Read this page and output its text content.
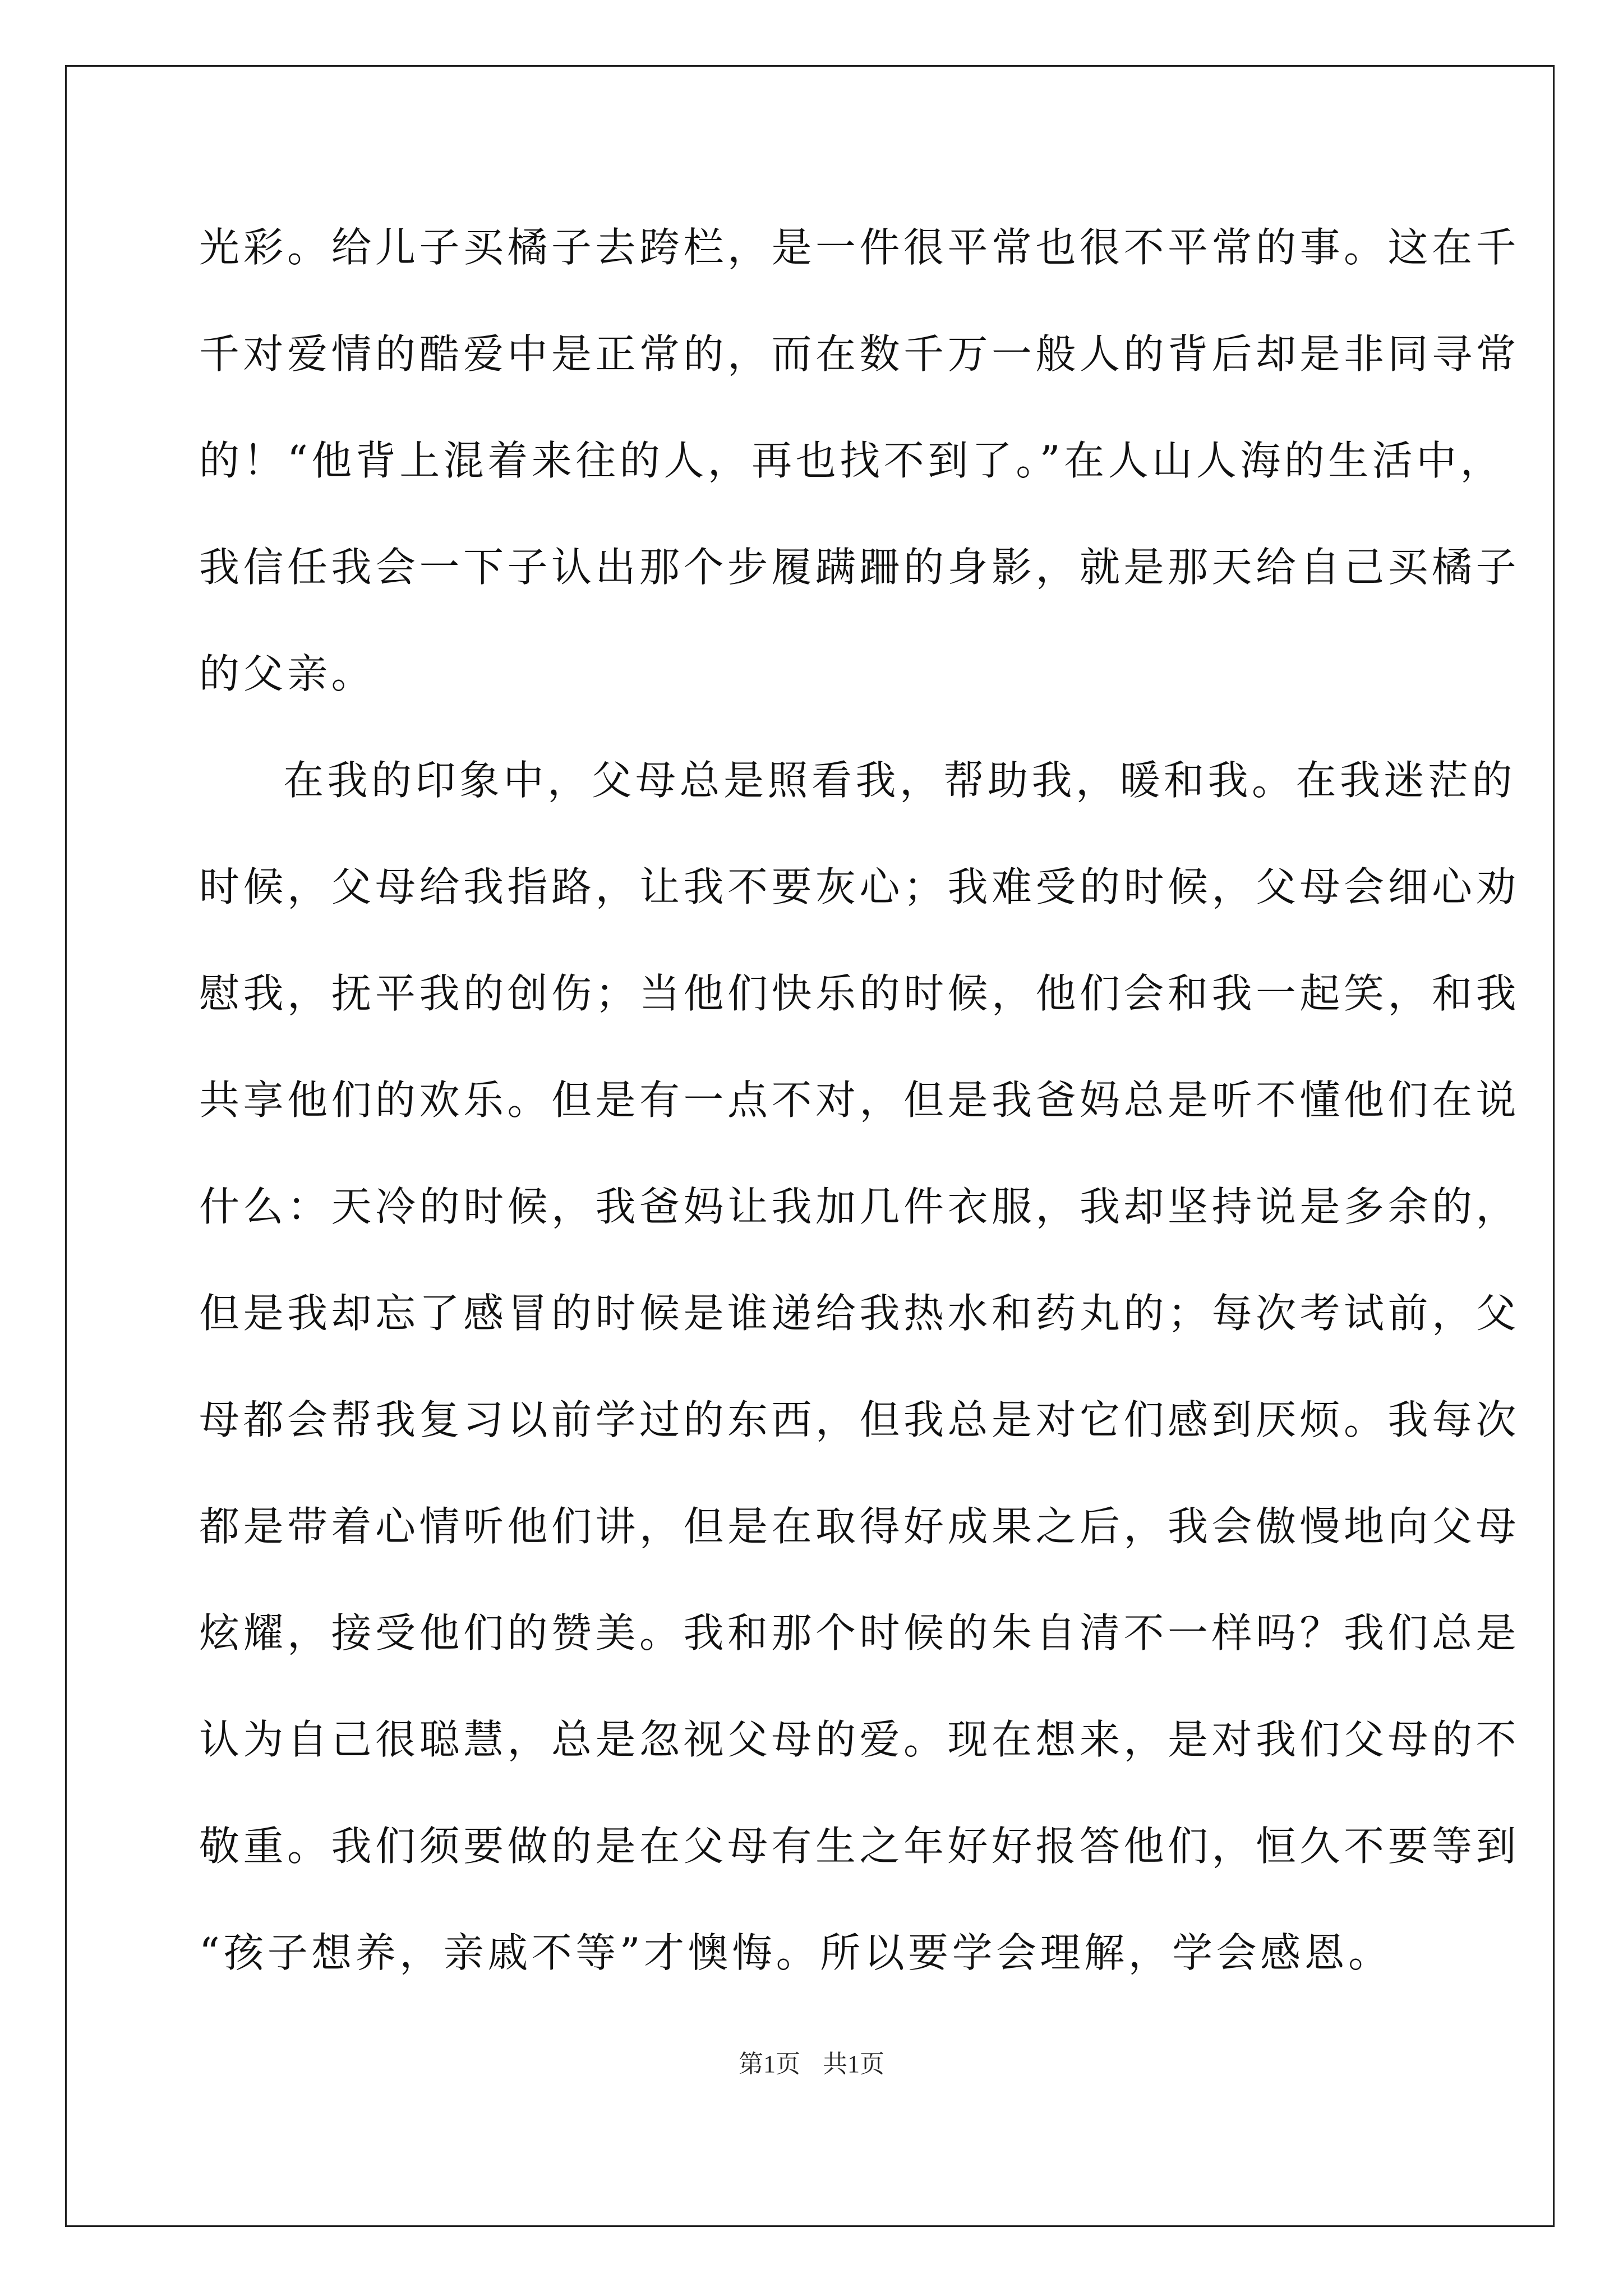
光彩。给儿子买橘子去跨栏，是一件很平常也很不平常的事。这在千
千对爱情的酷爱中是正常的，而在数千万一般人的背后却是非同寻常
的！“他背上混着来往的人，再也找不到了。”在人山人海的生活中，
我信任我会一下子认出那个步履蹒跚的身影，就是那天给自己买橘子
的父亲。
在我的印象中，父母总是照看我，帮助我，暖和我。在我迷茫的
时候，父母给我指路，让我不要灰心；我难受的时候，父母会细心劝
慰我，抚平我的创伤；当他们快乐的时候，他们会和我一起笑，和我
共享他们的欢乐。但是有一点不对，但是我爸妈总是听不懂他们在说
什么：天冷的时候，我爸妈让我加几件衣服，我却坚持说是多余的，
但是我却忘了感冒的时候是谁递给我热水和药丸的；每次考试前，父
母都会帮我复习以前学过的东西，但我总是对它们感到厌烦。我每次
都是带着心情听他们讲，但是在取得好成果之后，我会傲慢地向父母
炫耀，接受他们的赞美。我和那个时候的朱自清不一样吗？我们总是
认为自己很聪慧，总是忽视父母的爱。现在想来，是对我们父母的不
敬重。我们须要做的是在父母有生之年好好报答他们，恒久不要等到
“孩子想养，亲戚不等”才懊悔。所以要学会理解，学会感恩。
第1页 共1页
